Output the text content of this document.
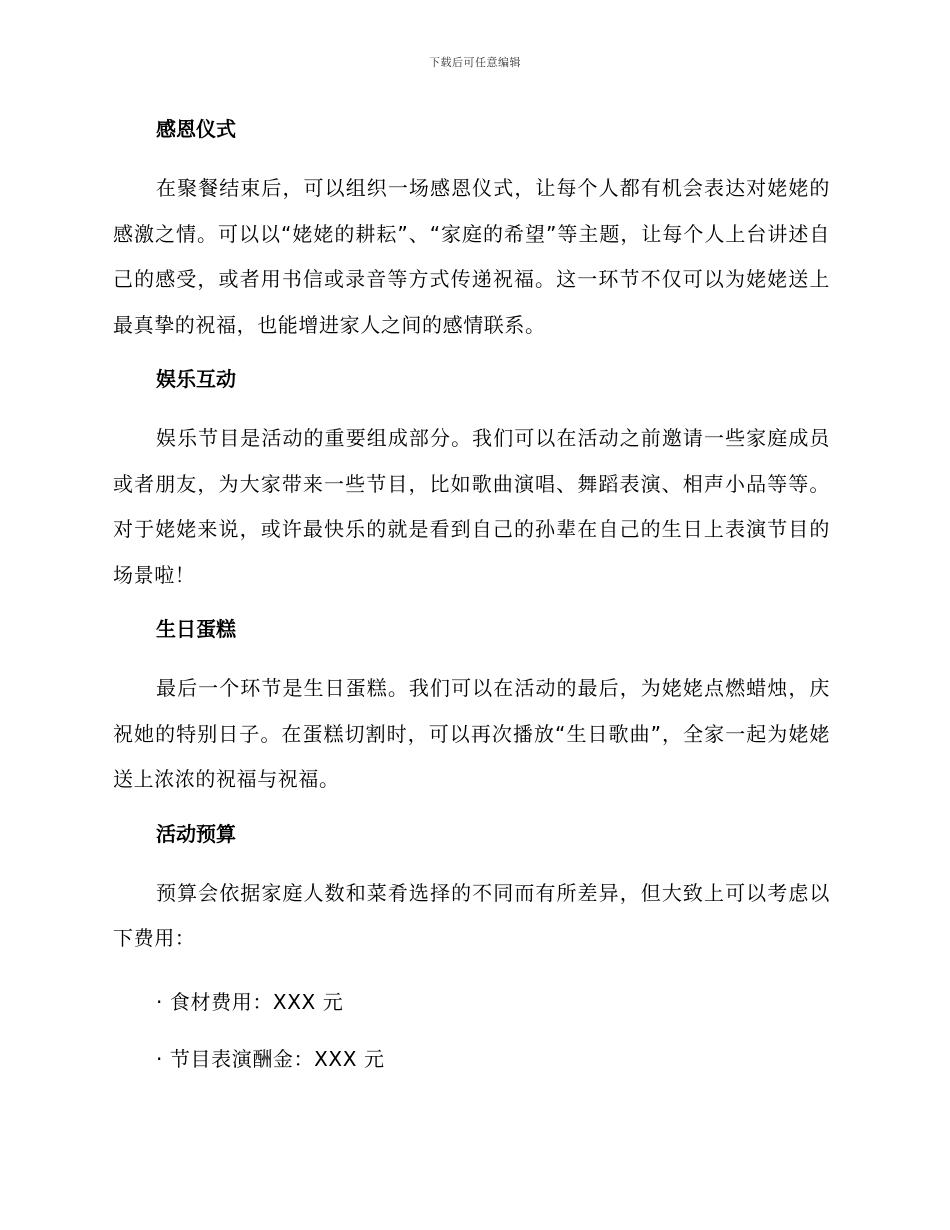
下载后可任意编辑
感恩仪式

在聚餐结束后，可以组织一场感恩仪式，让每个人都有机会表达对姥姥的感激之情。可以以“姥姥的耕耘”、“家庭的希望”等主题，让每个人上台讲述自己的感受，或者用书信或录音等方式传递祝福。这一环节不仅可以为姥姥送上最真挚的祝福，也能增进家人之间的感情联系。

娱乐互动

娱乐节目是活动的重要组成部分。我们可以在活动之前邀请一些家庭成员或者朋友，为大家带来一些节目，比如歌曲演唱、舞蹈表演、相声小品等等。对于姥姥来说，或许最快乐的就是看到自己的孙辈在自己的生日上表演节目的场景啦！

生日蛋糕

最后一个环节是生日蛋糕。我们可以在活动的最后，为姥姥点燃蜡烛，庆祝她的特别日子。在蛋糕切割时，可以再次播放“生日歌曲”，全家一起为姥姥送上浓浓的祝福与祝福。

活动预算

预算会依据家庭人数和菜肴选择的不同而有所差异，但大致上可以考虑以下费用：

· 食材费用：XXX 元

· 节目表演酬金：XXX 元
